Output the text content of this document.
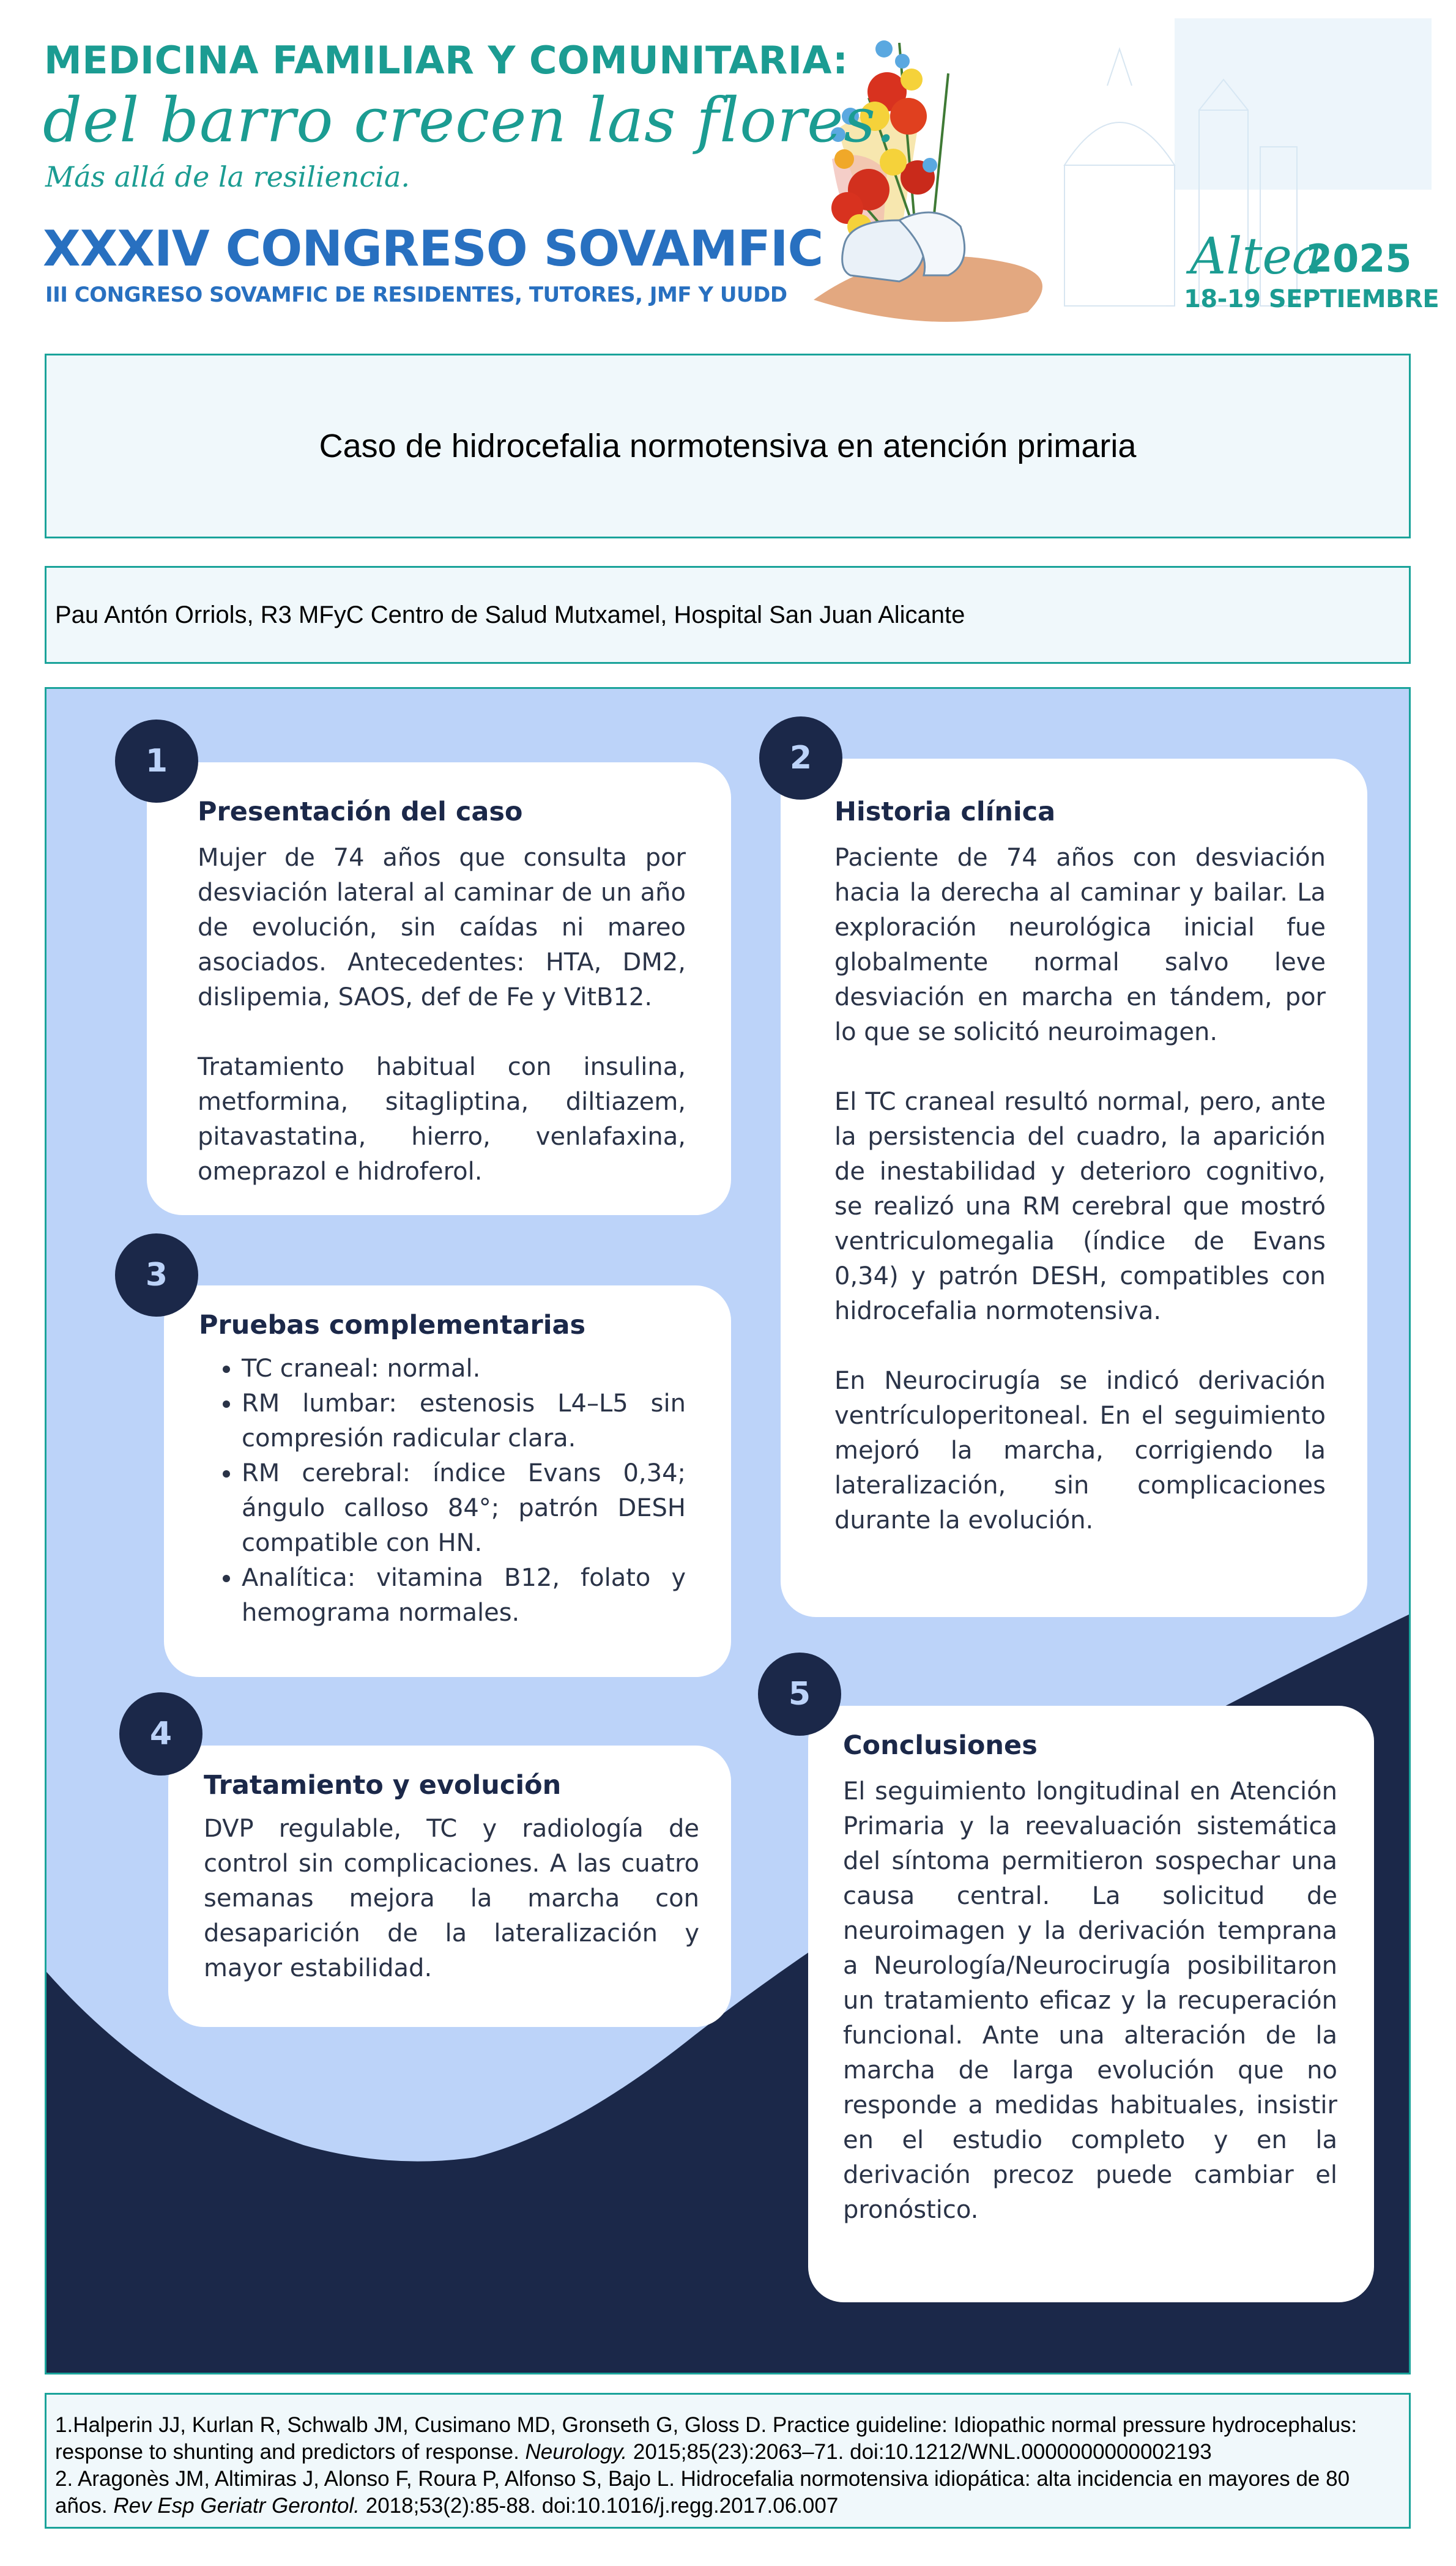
MEDICINA FAMILIAR Y COMUNITARIA:
del barro crecen las flores.
Más allá de la resiliencia.
XXXIV CONGRESO SOVAMFIC
III CONGRESO SOVAMFIC DE RESIDENTES, TUTORES, JMF Y UUDD
Altea
2025
18-19 SEPTIEMBRE
Caso de hidrocefalia normotensiva en atención primaria
Pau Antón Orriols, R3 MFyC Centro de Salud Mutxamel, Hospital San Juan Alicante
Presentación del caso

Mujer de 74 años que consulta por desviación lateral al caminar de un año de evolución, sin caídas ni mareo asociados. Antecedentes: HTA, DM2, dislipemia, SAOS, def de Fe y VitB12.

Tratamiento habitual con insulina, metformina, sitagliptina, diltiazem, pitavastatina, hierro, venlafaxina, omeprazol e hidroferol.

1
Historia clínica

Paciente de 74 años con desviación hacia la derecha al caminar y bailar. La exploración neurológica inicial fue globalmente normal salvo leve desviación en marcha en tándem, por lo que se solicitó neuroimagen.

El TC craneal resultó normal, pero, ante la persistencia del cuadro, la aparición de inestabilidad y deterioro cognitivo, se realizó una RM cerebral que mostró ventriculomegalia (índice de Evans 0,34) y patrón DESH, compatibles con hidrocefalia normotensiva.

En Neurocirugía se indicó derivación ventrículoperitoneal. En el seguimiento mejoró la marcha, corrigiendo la lateralización, sin complicaciones durante la evolución.

2
Pruebas complementarias
• TC craneal: normal.
• RM lumbar: estenosis L4–L5 sin compresión radicular clara.
• RM cerebral: índice Evans 0,34; ángulo calloso 84°; patrón DESH compatible con HN.
• Analítica: vitamina B12, folato y hemograma normales.
3
Tratamiento y evolución

DVP regulable, TC y radiología de control sin complicaciones. A las cuatro semanas mejora la marcha con desaparición de la lateralización y mayor estabilidad.

4	Conclusiones

El seguimiento longitudinal en Atención Primaria y la reevaluación sistemática del síntoma permitieron sospechar una causa central. La solicitud de neuroimagen y la derivación temprana a Neurología/Neurocirugía posibilitaron un tratamiento eficaz y la recuperación funcional. Ante una alteración de la marcha de larga evolución que no responde a medidas habituales, insistir en el estudio completo y en la derivación precoz puede cambiar el pronóstico.

5

1.Halperin JJ, Kurlan R, Schwalb JM, Cusimano MD, Gronseth G, Gloss D. Practice guideline: Idiopathic normal pressure hydrocephalus: response to shunting and predictors of response. Neurology. 2015;85(23):2063–71. doi:10.1212/WNL.0000000000002193

2. Aragonès JM, Altimiras J, Alonso F, Roura P, Alfonso S, Bajo L. Hidrocefalia normotensiva idiopática: alta incidencia en mayores de 80 años. Rev Esp Geriatr Gerontol. 2018;53(2):85-88. doi:10.1016/j.regg.2017.06.007
